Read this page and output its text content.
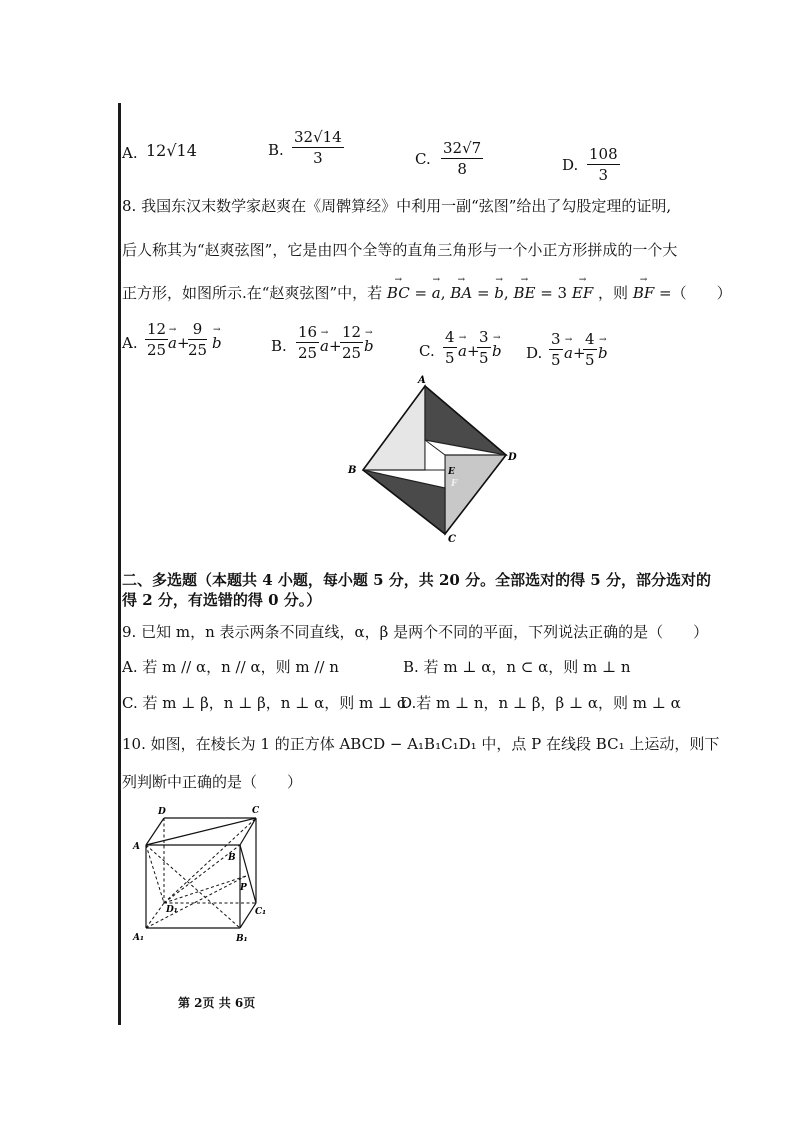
A. 12√14	B. $\frac{32√14}{3}$	C. $\frac{32√7}{8}$	D. $\frac{108}{3}$
8. 我国东汉末数学家赵爽在《周髀算经》中利用一副“弦图”给出了勾股定理的证明,
后人称其为“赵爽弦图”，它是由四个全等的直角三角形与一个小正方形拼成的一个大
正方形，如图所示.在“赵爽弦图”中，若 → BC = → a, → BA = → b, → BE = 3 → EF ，则 → BF =（　　）
A. $\frac{12}{25}$
→ a+
$\frac{9}{25}$
→ b	B. $\frac{16}{25}$
→ a+
$\frac{12}{25}$
→ b	C. $\frac{4}{5}$
→ a+
$\frac{3}{5}$
→ b D. $\frac{3}{5}$
→ a+
$\frac{4}{5}$
→ b
A
B
D
C
E
F
二、多选题（本题共 4 小题，每小题 5 分，共 20 分。全部选对的得 5 分，部分选对的
得 2 分，有选错的得 0 分。）
9. 已知 m，n 表示两条不同直线，α，β 是两个不同的平面，下列说法正确的是（　　）
A. 若 m // α，n // α，则 m // n	B. 若 m ⊥ α，n ⊂ α，则 m ⊥ n
C. 若 m ⊥ β，n ⊥ β，n ⊥ α，则 m ⊥ α
D.若 m ⊥ n，n ⊥ β，β ⊥ α，则 m ⊥ α
10. 如图，在棱长为 1 的正方体 ABCD − A₁B₁C₁D₁ 中，点 P 在线段 BC₁ 上运动，则下
列判断中正确的是（　　）
D	C
A
B
P
D₁	C₁
A₁	B₁
第 2页 共 6页
